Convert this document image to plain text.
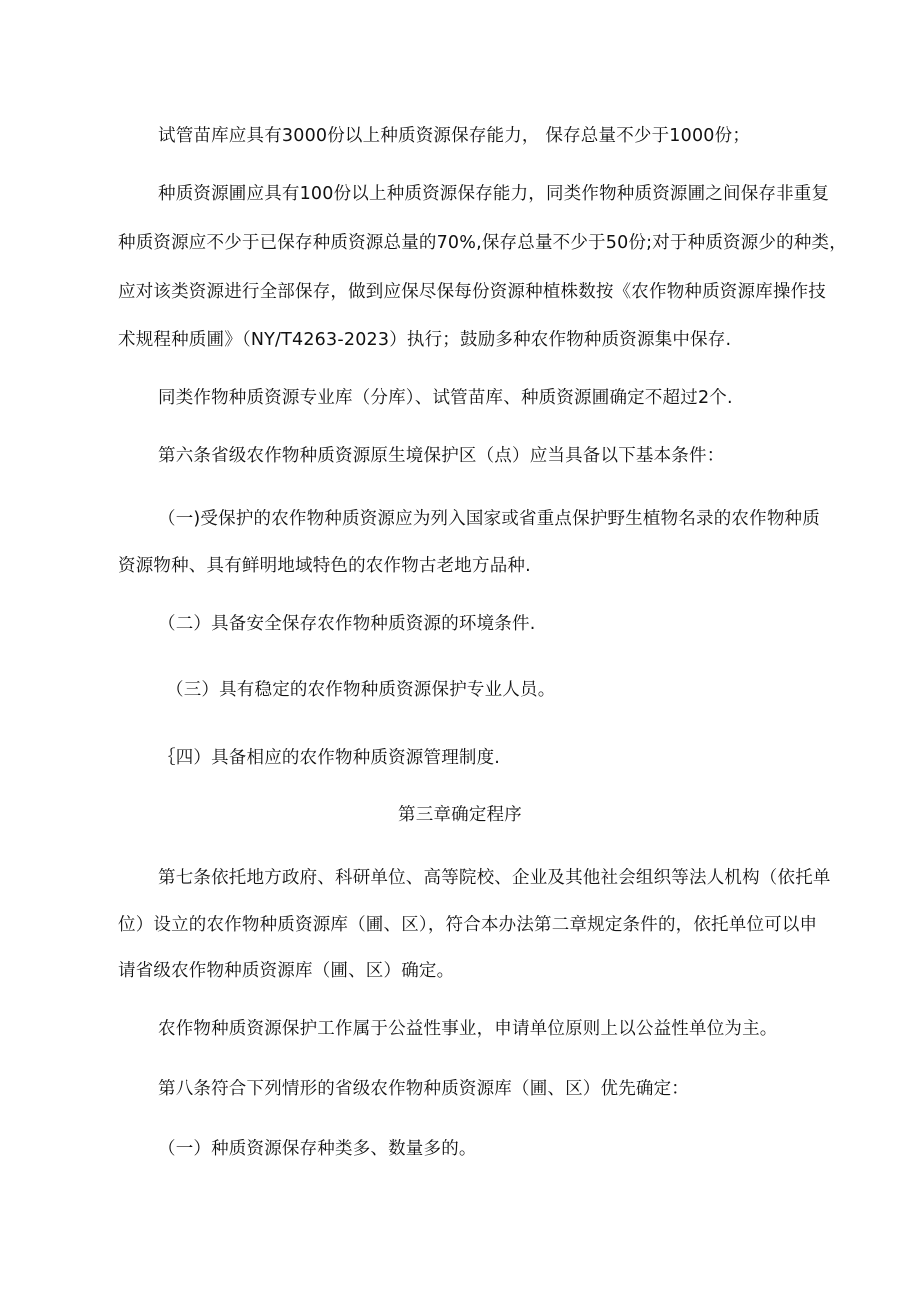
试管苗库应具有3000份以上种质资源保存能力， 保存总量不少于1000份；
种质资源圃应具有100份以上种质资源保存能力，同类作物种质资源圃之间保存非重复
种质资源应不少于已保存种质资源总量的70%,保存总量不少于50份;对于种质资源少的种类，
应对该类资源进行全部保存，做到应保尽保每份资源种植株数按《农作物种质资源库操作技
术规程种质圃》（NY/T4263-2023）执行；鼓励多种农作物种质资源集中保存.
同类作物种质资源专业库（分库）、试管苗库、种质资源圃确定不超过2个.
第六条省级农作物种质资源原生境保护区（点）应当具备以下基本条件：
（一)受保护的农作物种质资源应为列入国家或省重点保护野生植物名录的农作物种质
资源物种、具有鲜明地域特色的农作物古老地方品种.
（二）具备安全保存农作物种质资源的环境条件.
（三）具有稳定的农作物种质资源保护专业人员。
｛四）具备相应的农作物种质资源管理制度.
第三章确定程序
第七条依托地方政府、科研单位、高等院校、企业及其他社会组织等法人机构（依托单
位）设立的农作物种质资源库（圃、区），符合本办法第二章规定条件的，依托单位可以申
请省级农作物种质资源库（圃、区）确定。
农作物种质资源保护工作属于公益性事业，申请单位原则上以公益性单位为主。
第八条符合下列情形的省级农作物种质资源库（圃、区）优先确定：
（一）种质资源保存种类多、数量多的。
